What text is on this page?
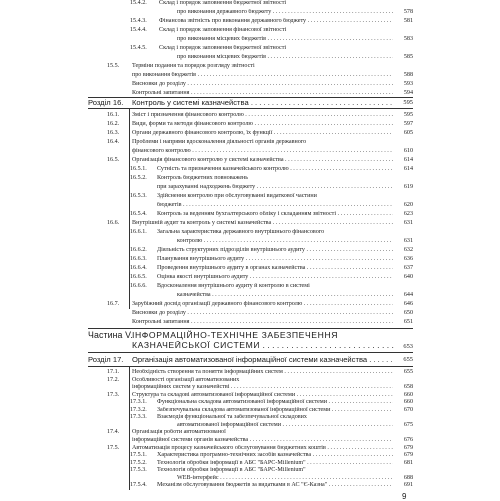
15.4.2. Склад і порядок заповнення бюджетної звітності
про виконання державного бюджету . . .	578
15.4.3. Фінансова звітність про виконання державного бюджету . . .	581
15.4.4. Склад і порядок заповнення фінансової звітності
про виконання місцевих бюджетів . . .	583
15.4.5. Склад і порядок заповнення бюджетної звітності
про виконання місцевих бюджетів . . .	585
15.5. Терміни подання та порядок розгляду звітності
про виконання бюджетів . . .	588
Висновки до розділу . . .	593
Контрольні запитання . . .	594
Розділ 16. Контроль у системі казначейства . . .	595
16.1. Зміст і призначення фінансового контролю . . .	595
16.2. Види, форми та методи фінансового контролю . . .	597
16.3. Органи державного фінансового контролю, їх функції . . .	605
16.4. Проблеми і напрями вдосконалення діяльності органів державного
фінансового контролю . . .	610
16.5. Організація фінансового контролю у системі казначейства . . .	614
16.5.1. Сутність та призначення казначейського контролю . . .	614
16.5.2. Контроль бюджетних повноважень
при зарахуванні надходжень бюджету . . .	619
16.5.3. Здійснення контролю при обслуговуванні видаткової частини
бюджетів . . .	620
16.5.4. Контроль за веденням бухгалтерського обліку і складанням звітності . . .	623
16.6. Внутрішній аудит та контроль у системі казначейства . . .	631
16.6.1. Загальна характеристика державного внутрішнього фінансового
контролю . . .	631
16.6.2. Діяльність структурних підрозділів внутрішнього аудиту . . .	632
16.6.3. Планування внутрішнього аудиту . . .	636
16.6.4. Проведення внутрішнього аудиту в органах казначейства . . .	637
16.6.5. Оцінка якості внутрішнього аудиту . . .	640
16.6.6. Вдосконалення внутрішнього аудиту й контролю в системі
казначейства . . .	644
16.7. Зарубіжний досвід організації державного фінансового контролю . . .	646
Висновки до розділу . . .	650
Контрольні запитання . . .	651
Частина V. ІНФОРМАЦІЙНО-ТЕХНІЧНЕ ЗАБЕЗПЕЧЕННЯ
КАЗНАЧЕЙСЬКОЇ СИСТЕМИ . . .	653
Розділ 17. Організація автоматизованої інформаційної системи казначейства . . .	655
17.1. Необхідність створення та поняття інформаційних систем . . .	655
17.2. Особливості організації автоматизованих
інформаційних систем у казначействі . . .	658
17.3. Структура та складові автоматизованої інформаційної системи . . .	660
17.3.1. Функціональна складова автоматизованої інформаційної системи . . .	660
17.3.2. Забезпечувальна складова автоматизованої інформаційної системи . . .	670
17.3.3. Взаємодія функціональної та забезпечувальної складових
автоматизованої інформаційної системи . . .	675
17.4. Організація роботи автоматизованої
інформаційної системи органів казначейства . . .	676
17.5. Автоматизація процесу казначейського обслуговування бюджетних коштів . . .	679
17.5.1. Характеристика програмно-технічних засобів казначейства . . .	679
17.5.2. Технологія обробки інформації в АБС "БАРС-Millenium" . . .	681
17.5.3. Технологія обробки інформації в АБС "БАРС-Millenium"
WEB-інтерфейс . . .	688
17.5.4. Механізм обслуговування бюджетів за видатками в АС "Є-Казна" . . .	691
9
